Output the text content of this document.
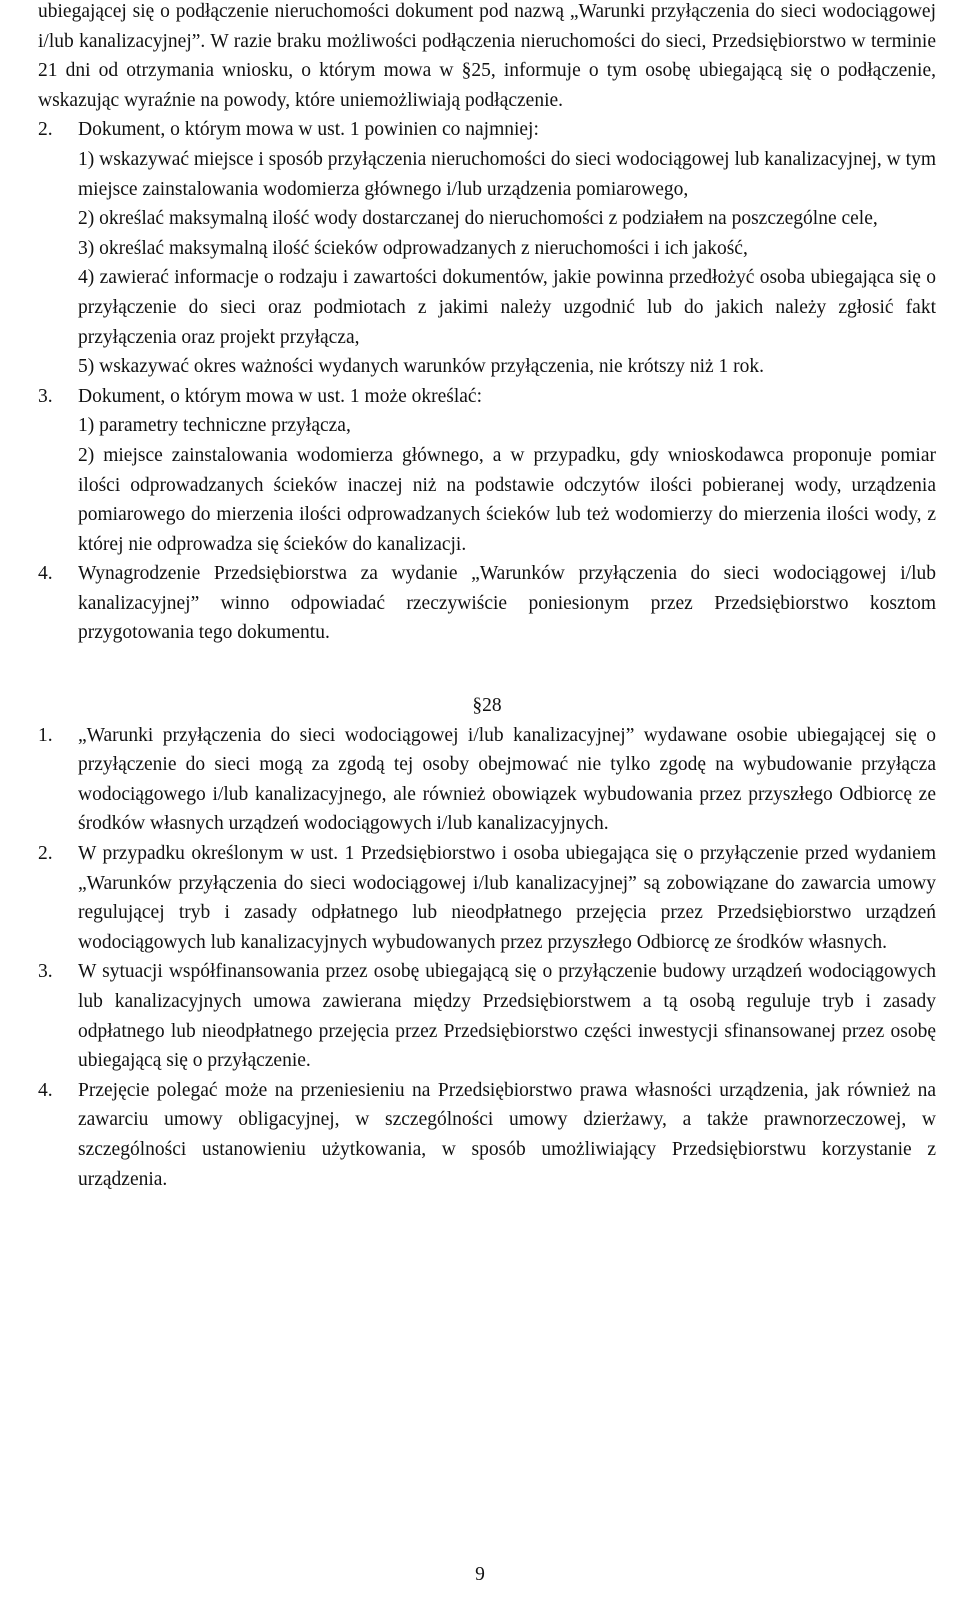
ubiegającej się o podłączenie nieruchomości dokument pod nazwą „Warunki przyłączenia do sieci wodociągowej i/lub kanalizacyjnej”. W razie braku możliwości podłączenia nieruchomości do sieci, Przedsiębiorstwo w terminie 21 dni od otrzymania wniosku, o którym mowa w §25, informuje o tym osobę ubiegającą się o podłączenie, wskazując wyraźnie na powody, które uniemożliwiają podłączenie.

2.	Dokument, o którym mowa w ust. 1 powinien co najmniej:

1) wskazywać miejsce i sposób przyłączenia nieruchomości do sieci wodociągowej lub kanalizacyjnej, w tym miejsce zainstalowania wodomierza głównego i/lub urządzenia pomiarowego,

2) określać maksymalną ilość wody dostarczanej do nieruchomości z podziałem na poszczególne cele,

3) określać maksymalną ilość ścieków odprowadzanych z nieruchomości i ich jakość,

4) zawierać informacje o rodzaju i zawartości dokumentów, jakie powinna przedłożyć osoba ubiegająca się o przyłączenie do sieci oraz podmiotach z jakimi należy uzgodnić lub do jakich należy zgłosić fakt przyłączenia oraz projekt przyłącza,

5) wskazywać okres ważności wydanych warunków przyłączenia, nie krótszy niż 1 rok.

3.	Dokument, o którym mowa w ust. 1 może określać:

1) parametry techniczne przyłącza,

2) miejsce zainstalowania wodomierza głównego, a w przypadku, gdy wnioskodawca proponuje pomiar ilości odprowadzanych ścieków inaczej niż na podstawie odczytów ilości pobieranej wody, urządzenia pomiarowego do mierzenia ilości odprowadzanych ścieków lub też wodomierzy do mierzenia ilości wody, z której nie odprowadza się ścieków do kanalizacji.

4.	Wynagrodzenie Przedsiębiorstwa za wydanie „Warunków przyłączenia do sieci wodociągowej i/lub kanalizacyjnej” winno odpowiadać rzeczywiście poniesionym przez Przedsiębiorstwo kosztom przygotowania tego dokumentu.

§28

1.	„Warunki przyłączenia do sieci wodociągowej i/lub kanalizacyjnej” wydawane osobie ubiegającej się o przyłączenie do sieci mogą za zgodą tej osoby obejmować nie tylko zgodę na wybudowanie przyłącza wodociągowego i/lub kanalizacyjnego, ale również obowiązek wybudowania przez przyszłego Odbiorcę ze środków własnych urządzeń wodociągowych i/lub kanalizacyjnych.
2.	W przypadku określonym w ust. 1 Przedsiębiorstwo i osoba ubiegająca się o przyłączenie przed wydaniem „Warunków przyłączenia do sieci wodociągowej i/lub kanalizacyjnej” są zobowiązane do zawarcia umowy regulującej tryb i zasady odpłatnego lub nieodpłatnego przejęcia przez Przedsiębiorstwo urządzeń wodociągowych lub kanalizacyjnych wybudowanych przez przyszłego Odbiorcę ze środków własnych.
3.	W sytuacji współfinansowania przez osobę ubiegającą się o przyłączenie budowy urządzeń wodociągowych lub kanalizacyjnych umowa zawierana między Przedsiębiorstwem a tą osobą reguluje tryb i zasady odpłatnego lub nieodpłatnego przejęcia przez Przedsiębiorstwo części inwestycji sfinansowanej przez osobę ubiegającą się o przyłączenie.
4.	Przejęcie polegać może na przeniesieniu na Przedsiębiorstwo prawa własności urządzenia, jak również na zawarciu umowy obligacyjnej, w szczególności umowy dzierżawy, a także prawnorzeczowej, w szczególności ustanowieniu użytkowania, w sposób umożliwiający Przedsiębiorstwu korzystanie z urządzenia.
9
